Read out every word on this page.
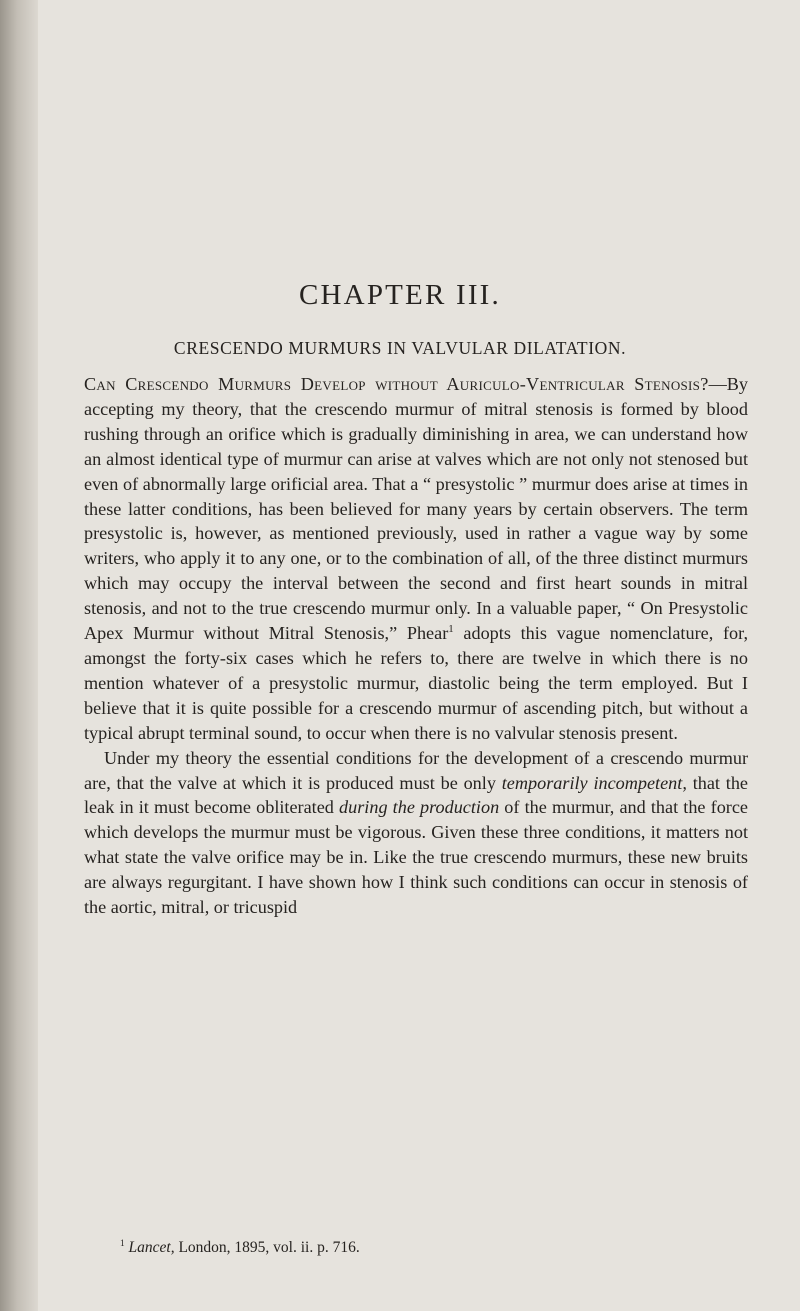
CHAPTER III.
CRESCENDO MURMURS IN VALVULAR DILATATION.

Can Crescendo Murmurs Develop without Auriculo-Ventricular Stenosis?—By accepting my theory, that the crescendo murmur of mitral stenosis is formed by blood rushing through an orifice which is gradually diminishing in area, we can understand how an almost identical type of murmur can arise at valves which are not only not stenosed but even of abnormally large orificial area. That a “ presystolic ” murmur does arise at times in these latter conditions, has been believed for many years by certain observers. The term presystolic is, however, as mentioned previously, used in rather a vague way by some writers, who apply it to any one, or to the combination of all, of the three distinct murmurs which may occupy the interval between the second and first heart sounds in mitral stenosis, and not to the true crescendo murmur only. In a valuable paper, “ On Presystolic Apex Murmur without Mitral Stenosis,” Phear$^1$ adopts this vague nomenclature, for, amongst the forty-six cases which he refers to, there are twelve in which there is no mention whatever of a presystolic murmur, diastolic being the term employed. But I believe that it is quite possible for a crescendo murmur of ascending pitch, but without a typical abrupt terminal sound, to occur when there is no valvular stenosis present.

Under my theory the essential conditions for the development of a crescendo murmur are, that the valve at which it is produced must be only temporarily incompetent, that the leak in it must become obliterated during the production of the murmur, and that the force which develops the murmur must be vigorous. Given these three conditions, it matters not what state the valve orifice may be in. Like the true crescendo murmurs, these new bruits are always regurgitant. I have shown how I think such conditions can occur in stenosis of the aortic, mitral, or tricuspid

$^1$ Lancet, London, 1895, vol. ii. p. 716.
